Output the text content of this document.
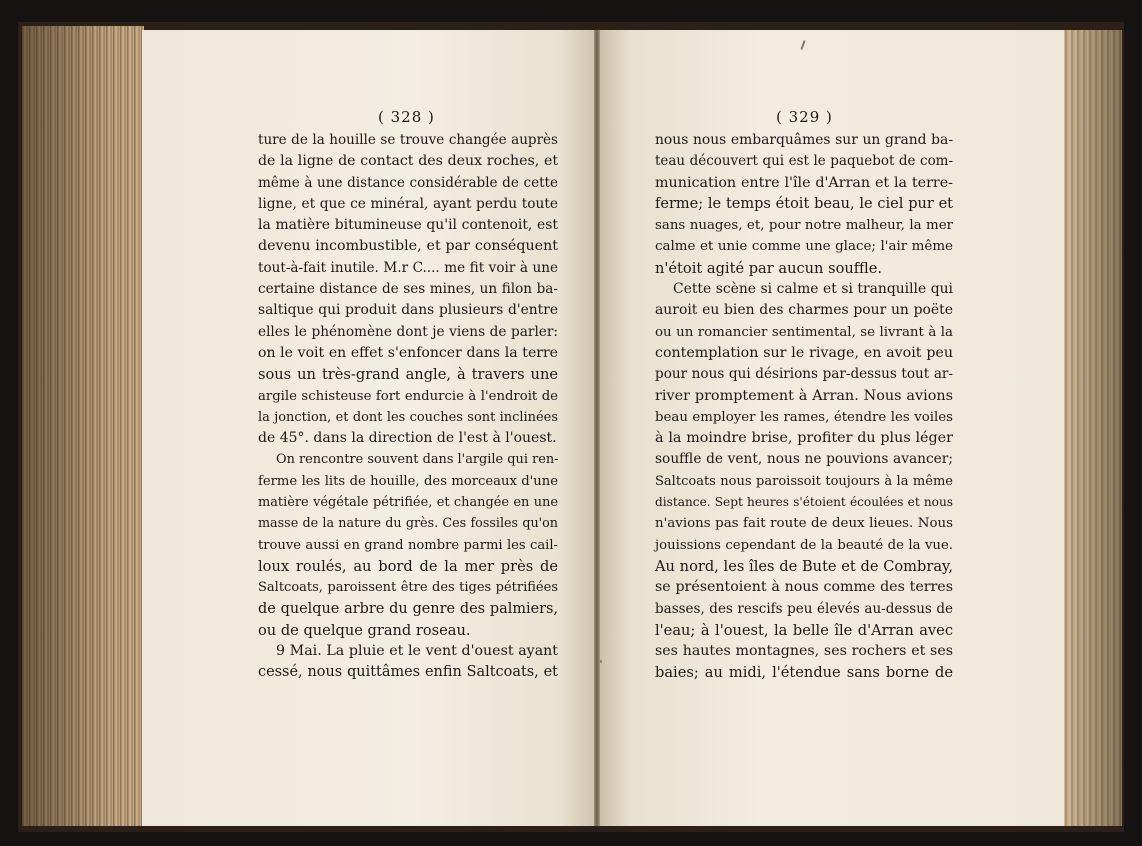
( 328 )	( 329 )
ture de la houille se trouve changée auprès
de la ligne de contact des deux roches, et
même à une distance considérable de cette
ligne, et que ce minéral, ayant perdu toute
la matière bitumineuse qu'il contenoit, est
devenu incombustible, et par conséquent
tout-à-fait inutile. M.r C.... me fit voir à une
certaine distance de ses mines, un filon ba-
saltique qui produit dans plusieurs d'entre
elles le phénomène dont je viens de parler:
on le voit en effet s'enfoncer dans la terre
sous un très-grand angle, à travers une
argile schisteuse fort endurcie à l'endroit de
la jonction, et dont les couches sont inclinées
de 45°. dans la direction de l'est à l'ouest.
On rencontre souvent dans l'argile qui ren-
ferme les lits de houille, des morceaux d'une
matière végétale pétrifiée, et changée en une
masse de la nature du grès. Ces fossiles qu'on
trouve aussi en grand nombre parmi les cail-
loux roulés, au bord de la mer près de
Saltcoats, paroissent être des tiges pétrifiées
de quelque arbre du genre des palmiers,
ou de quelque grand roseau.
9 Mai. La pluie et le vent d'ouest ayant
cessé, nous quittâmes enfin Saltcoats, et
nous nous embarquâmes sur un grand ba-
teau découvert qui est le paquebot de com-
munication entre l'île d'Arran et la terre-
ferme; le temps étoit beau, le ciel pur et
sans nuages, et, pour notre malheur, la mer
calme et unie comme une glace; l'air même
n'étoit agité par aucun souffle.
Cette scène si calme et si tranquille qui
auroit eu bien des charmes pour un poëte
ou un romancier sentimental, se livrant à la
contemplation sur le rivage, en avoit peu
pour nous qui désirions par-dessus tout ar-
river promptement à Arran. Nous avions
beau employer les rames, étendre les voiles
à la moindre brise, profiter du plus léger
souffle de vent, nous ne pouvions avancer;
Saltcoats nous paroissoit toujours à la même
distance. Sept heures s'étoient écoulées et nous
n'avions pas fait route de deux lieues. Nous
jouissions cependant de la beauté de la vue.
Au nord, les îles de Bute et de Combray,
se présentoient à nous comme des terres
basses, des rescifs peu élevés au-dessus de
l'eau; à l'ouest, la belle île d'Arran avec
ses hautes montagnes, ses rochers et ses
baies; au midi, l'étendue sans borne de
